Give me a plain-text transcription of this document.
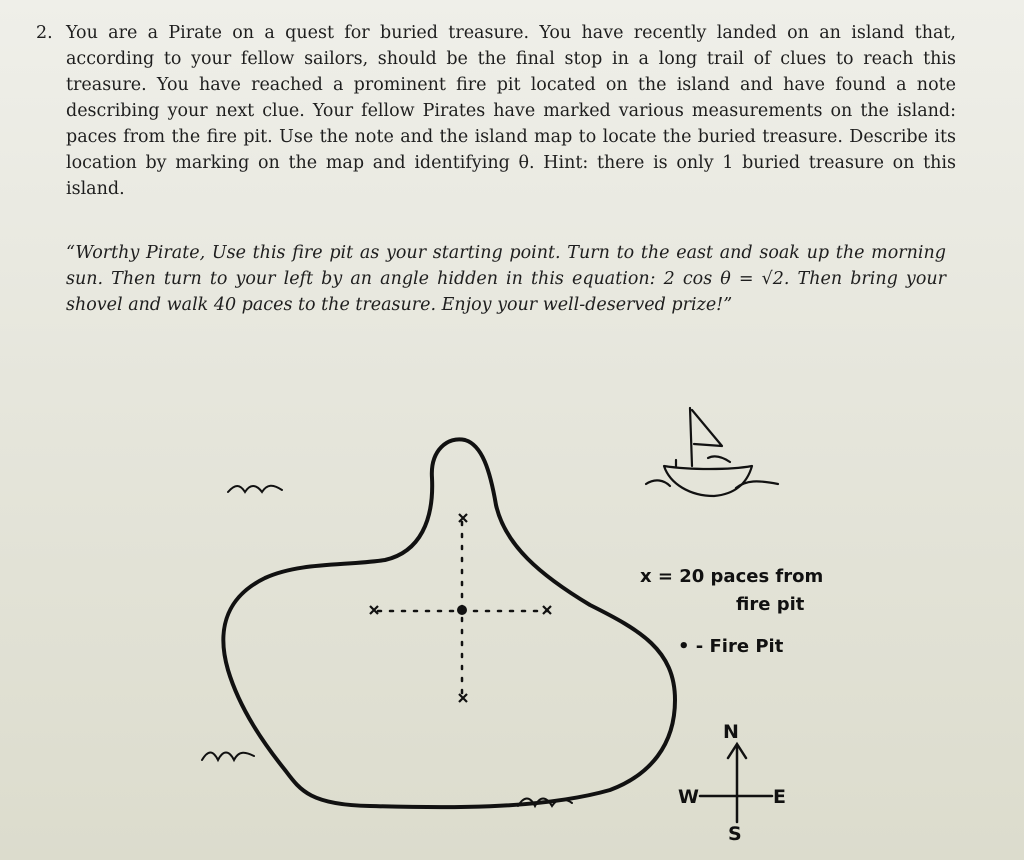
2. You are a Pirate on a quest for buried treasure. You have recently landed on an island that, according to your fellow sailors, should be the final stop in a long trail of clues to reach this treasure. You have reached a prominent fire pit located on the island and have found a note describing your next clue. Your fellow Pirates have marked various measurements on the island: paces from the fire pit. Use the note and the island map to locate the buried treasure. Describe its location by marking on the map and identifying θ. Hint: there is only 1 buried treasure on this island.
“Worthy Pirate, Use this fire pit as your starting point. Turn to the east and soak up the morning sun. Then turn to your left by an angle hidden in this equation: 2 cos θ = √2. Then bring your shovel and walk 40 paces to the treasure. Enjoy your well-deserved prize!”
x = 20 paces from
fire pit
• - Fire Pit
N
S
E
W
